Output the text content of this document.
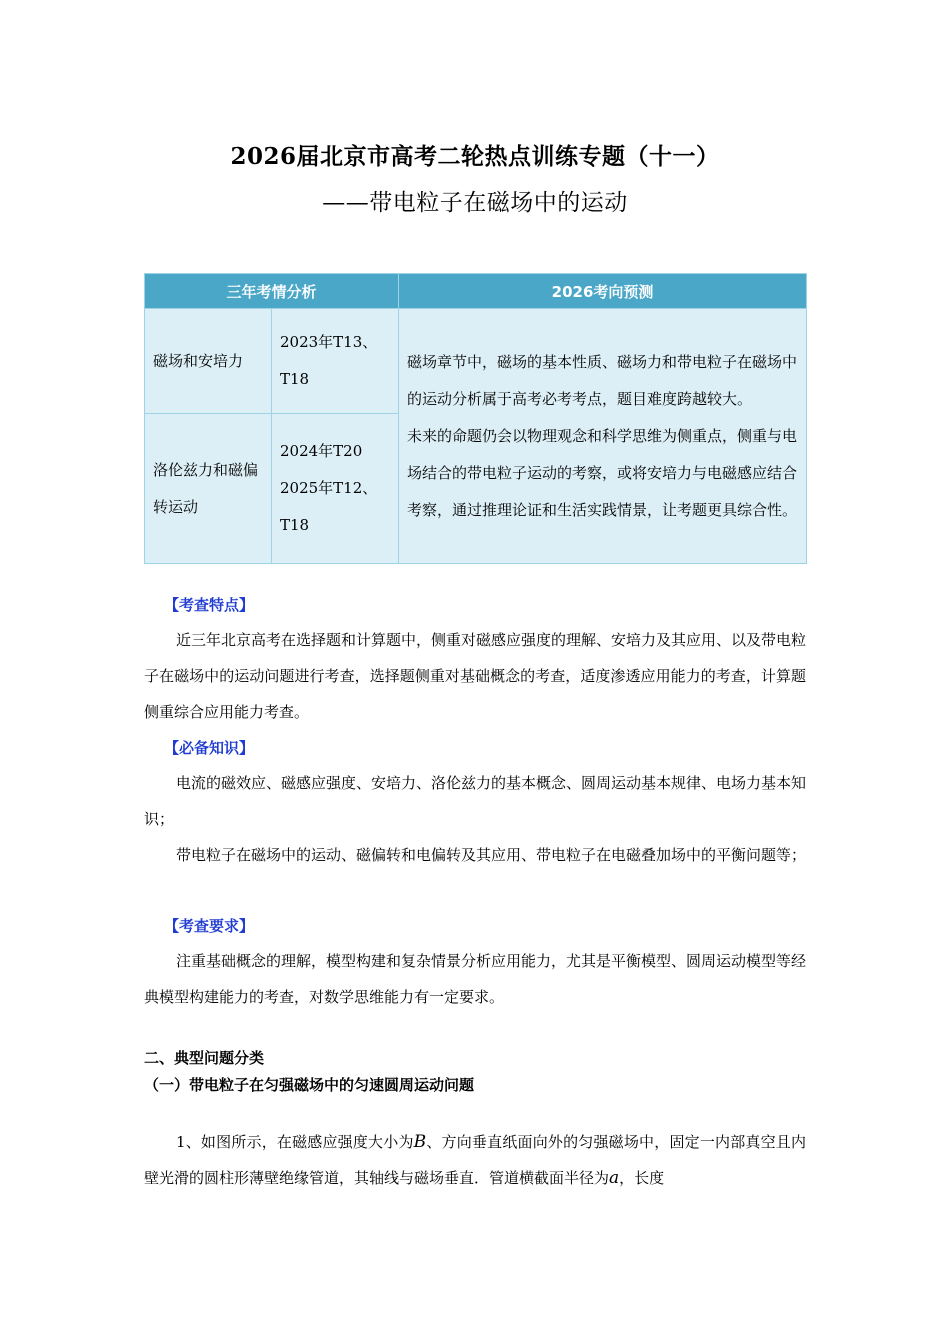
2026届北京市高考二轮热点训练专题（十一）
——带电粒子在磁场中的运动
三年考情分析		2026考向预测
磁场和安培力	2023年T13、T18	磁场章节中，磁场的基本性质、磁场力和带电粒子在磁场中的运动分析属于高考必考考点，题目难度跨越较大。
未来的命题仍会以物理观念和科学思维为侧重点，侧重与电场结合的带电粒子运动的考察，或将安培力与电磁感应结合考察，通过推理论证和生活实践情景，让考题更具综合性。

洛伦兹力和磁偏转运动	2024年T20 2025年T12、T18	
【考查特点】
近三年北京高考在选择题和计算题中，侧重对磁感应强度的理解、安培力及其应用、以及带电粒子在磁场中的运动问题进行考查，选择题侧重对基础概念的考查，适度渗透应用能力的考查，计算题侧重综合应用能力考查。
【必备知识】
电流的磁效应、磁感应强度、安培力、洛伦兹力的基本概念、圆周运动基本规律、电场力基本知识；
带电粒子在磁场中的运动、磁偏转和电偏转及其应用、带电粒子在电磁叠加场中的平衡问题等；
【考查要求】
注重基础概念的理解，模型构建和复杂情景分析应用能力，尤其是平衡模型、圆周运动模型等经典模型构建能力的考查，对数学思维能力有一定要求。
二、典型问题分类
（一）带电粒子在匀强磁场中的匀速圆周运动问题
1、如图所示，在磁感应强度大小为B、方向垂直纸面向外的匀强磁场中，固定一内部真空且内壁光滑的圆柱形薄壁绝缘管道，其轴线与磁场垂直．管道横截面半径为a，长度
